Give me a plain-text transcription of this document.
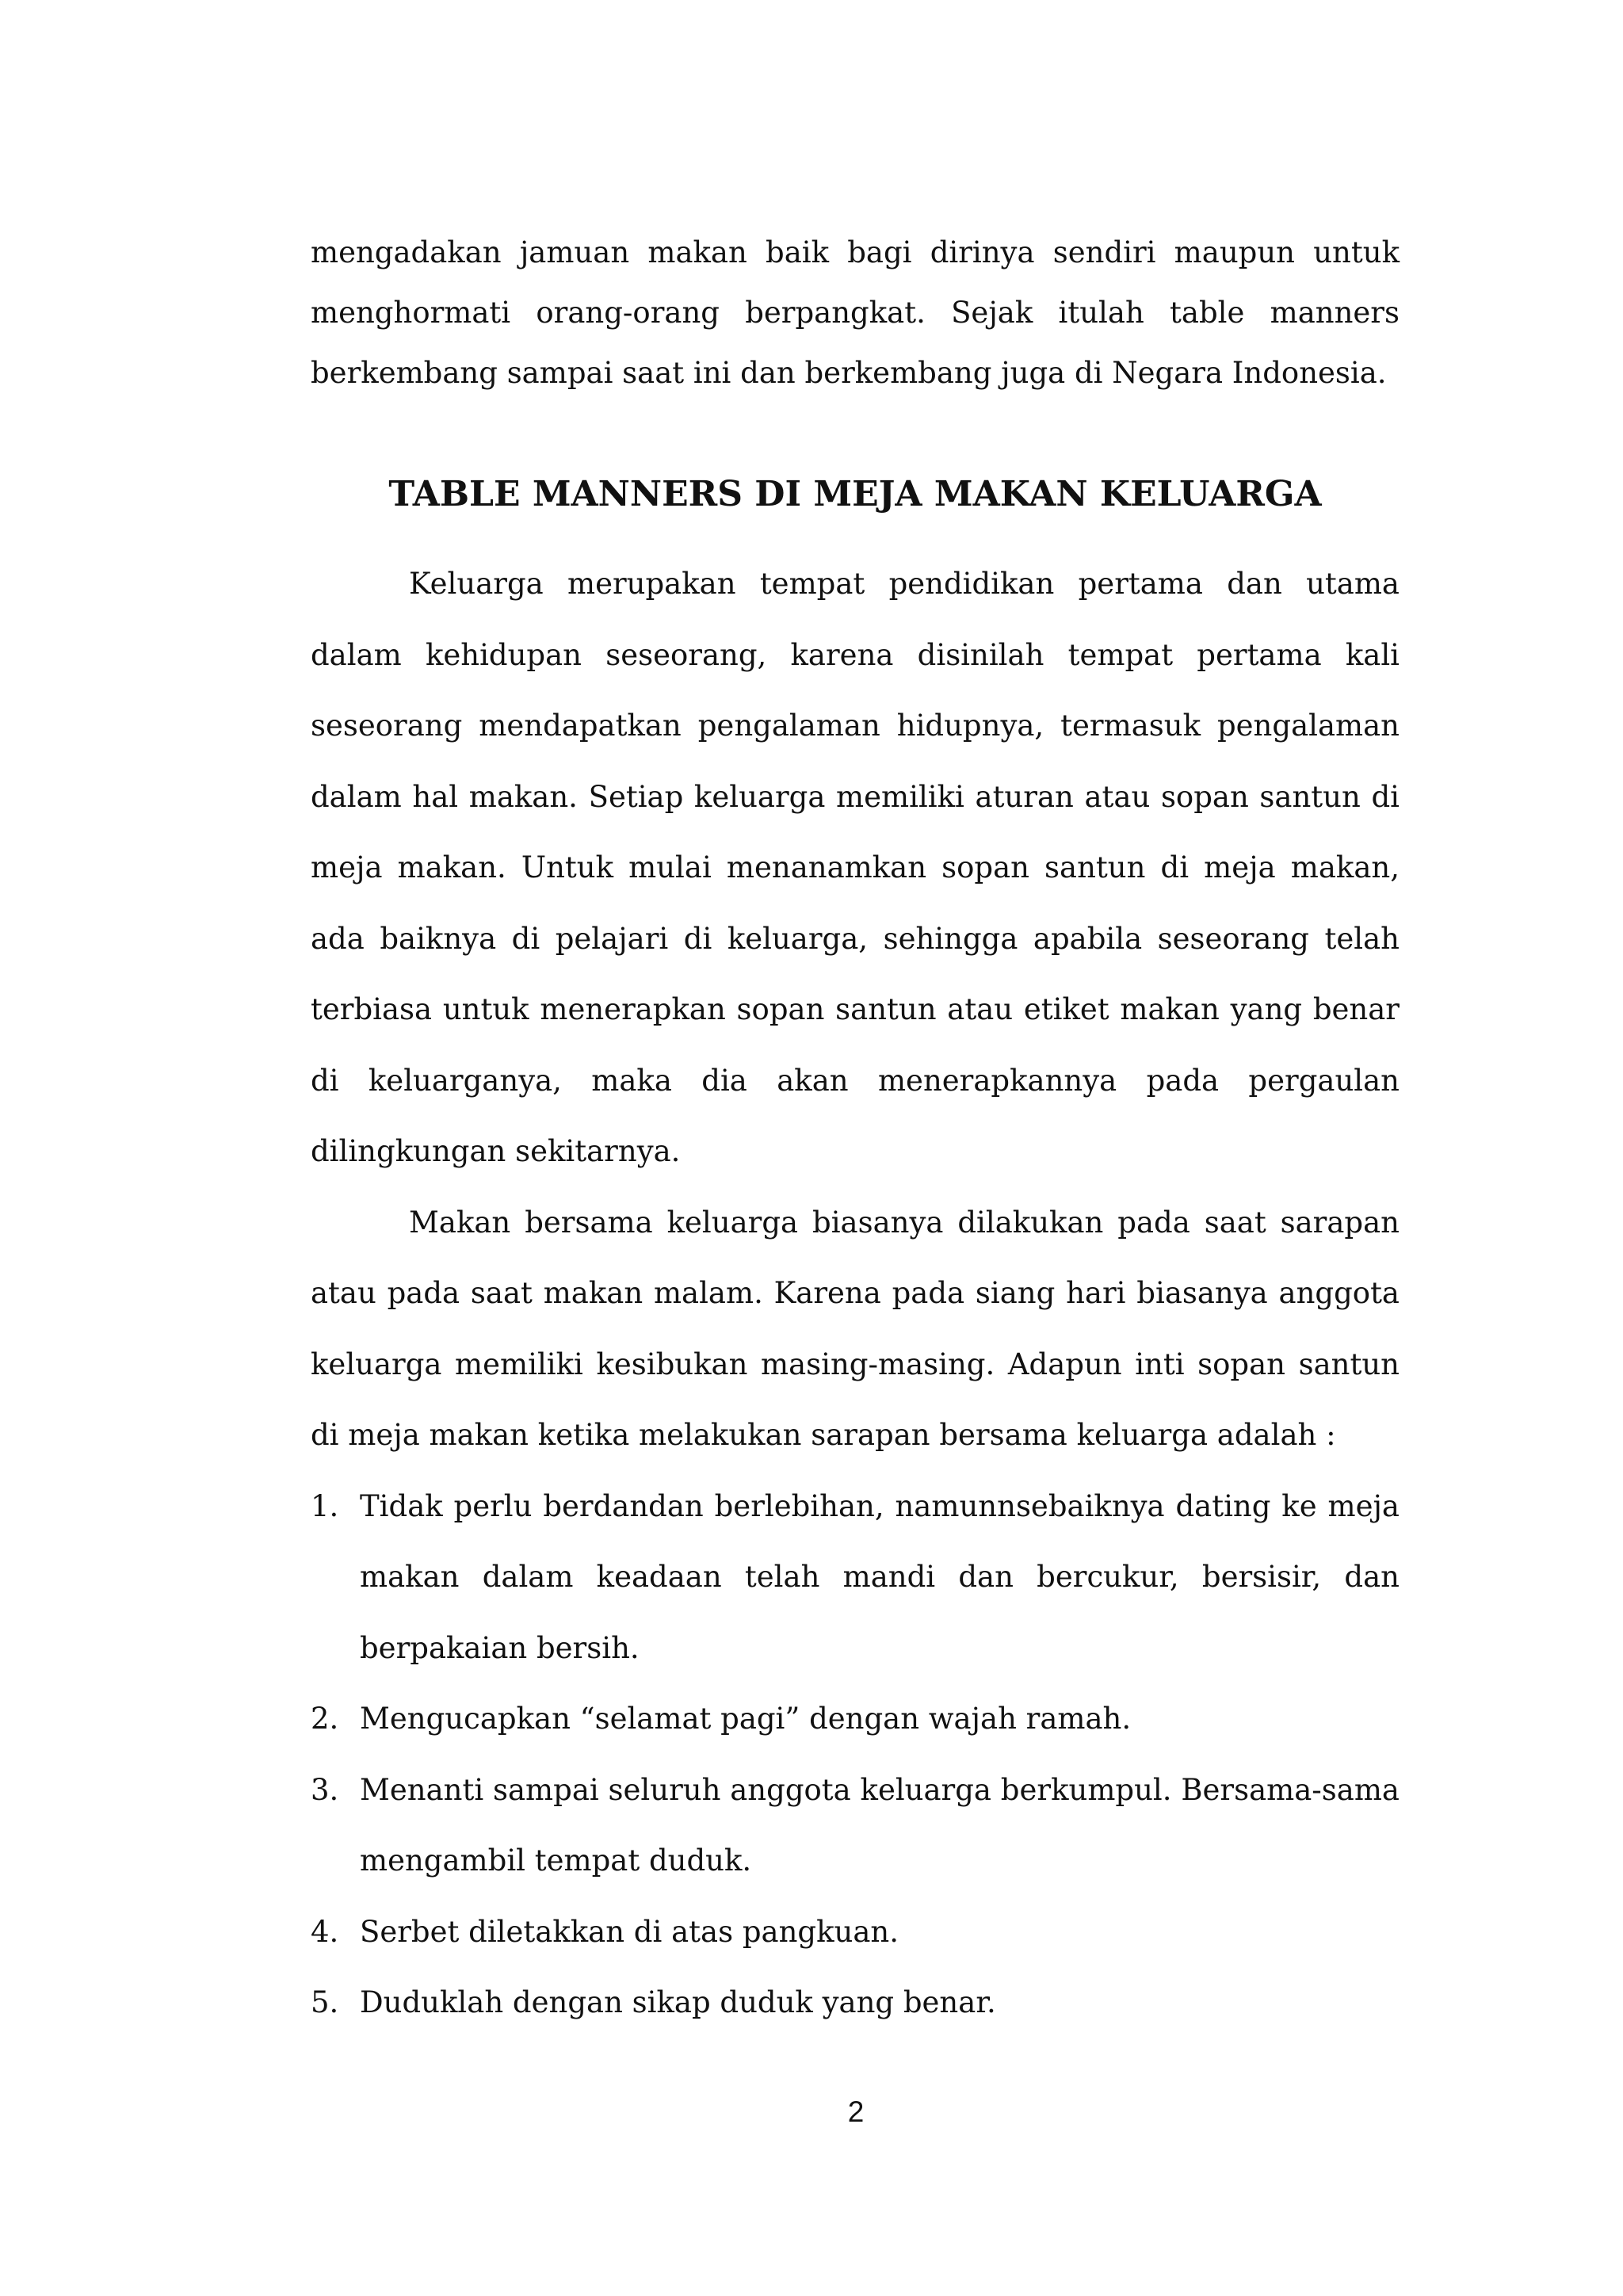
mengadakan jamuan makan baik bagi dirinya sendiri maupun untuk menghormati orang-orang berpangkat. Sejak itulah table manners berkembang sampai saat ini dan berkembang juga di Negara Indonesia.
TABLE MANNERS DI MEJA MAKAN KELUARGA

Keluarga merupakan tempat pendidikan pertama dan utama dalam kehidupan seseorang, karena disinilah tempat pertama kali seseorang mendapatkan pengalaman hidupnya, termasuk pengalaman dalam hal makan. Setiap keluarga memiliki aturan atau sopan santun di meja makan. Untuk mulai menanamkan sopan santun di meja makan, ada baiknya di pelajari di keluarga, sehingga apabila seseorang telah terbiasa untuk menerapkan sopan santun atau etiket makan yang benar di keluarganya, maka dia akan menerapkannya pada pergaulan dilingkungan sekitarnya.

Makan bersama keluarga biasanya dilakukan pada saat sarapan atau pada saat makan malam. Karena pada siang hari biasanya anggota keluarga memiliki kesibukan masing-masing. Adapun inti sopan santun di meja makan ketika melakukan sarapan bersama keluarga adalah :

1. Tidak perlu berdandan berlebihan, namunnsebaiknya dating ke meja makan dalam keadaan telah mandi dan bercukur, bersisir, dan berpakaian bersih.
2. Mengucapkan “selamat pagi” dengan wajah ramah.
3. Menanti sampai seluruh anggota keluarga berkumpul. Bersama-sama mengambil tempat duduk.
4. Serbet diletakkan di atas pangkuan.
5. Duduklah dengan sikap duduk yang benar.
2
